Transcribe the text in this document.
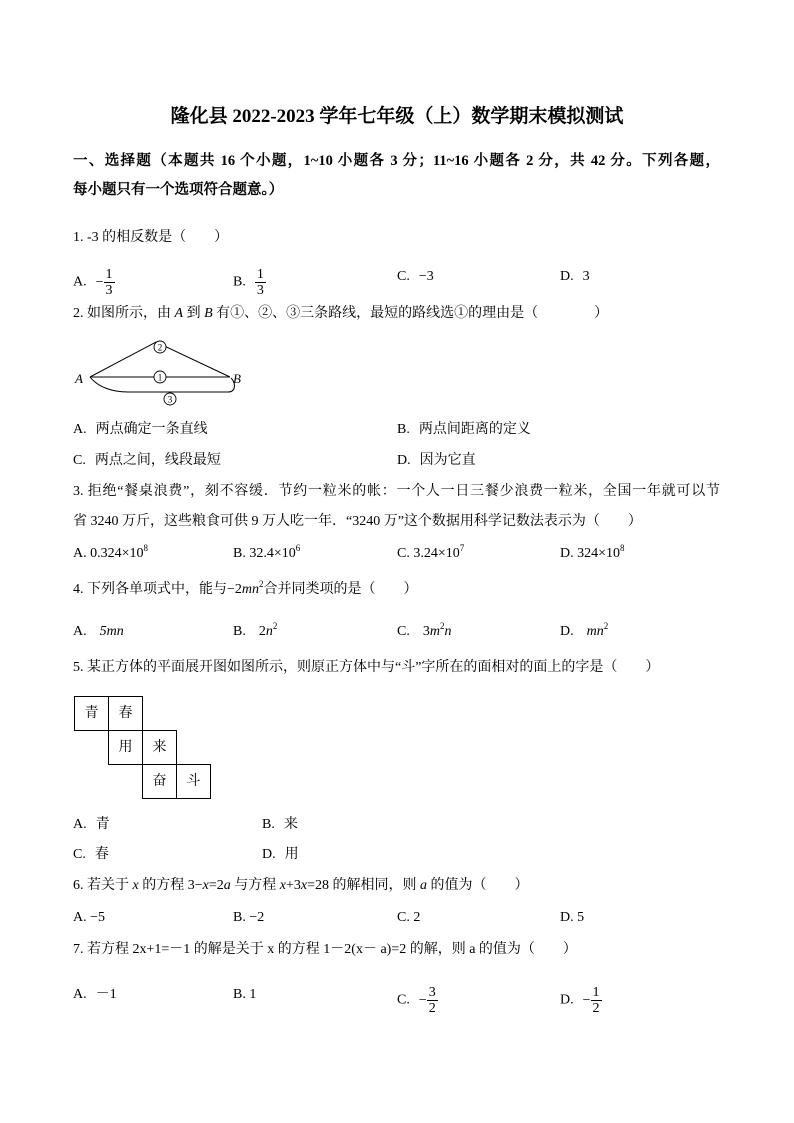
隆化县 2022-2023 学年七年级（上）数学期末模拟测试
一、选择题（本题共 16 个小题，1~10 小题各 3 分；11~16 小题各 2 分，共 42 分。下列各题，
每小题只有一个选项符合题意。）
1. -3 的相反数是（　　）
A. − $\frac{1}{3}$	B. $\frac{1}{3}$	C. −3	D. 3
2. 如图所示，由 A 到 B 有①、②、③三条路线，最短的路线选①的理由是（　　　　）
A	B
2
1
3
A. 两点确定一条直线	B. 两点间距离的定义
C. 两点之间，线段最短	D. 因为它直
3. 拒绝“餐桌浪费”，刻不容缓．节约一粒米的帐：一个人一日三餐少浪费一粒米，全国一年就可以节
省 3240 万斤，这些粮食可供 9 万人吃一年．“3240 万”这个数据用科学记数法表示为（　　）
A. $0.324\times 10^8$	B. $32.4\times 10^6$	C. $3.24\times 10^7$	D. $324\times 10^8$
4. 下列各单项式中，能与$-2mn^2$合并同类项的是（　　）
A. 5mn	B. $2n^2$	C. $3m^2n$	D. $mn^2$
5. 某正方体的平面展开图如图所示，则原正方体中与“斗”字所在的面相对的面上的字是（　　）
青	春
用	来
奋	斗
A. 青	B. 来
C. 春	D. 用
6. 若关于 x 的方程 3−x=2a 与方程 x+3x=28 的解相同，则 a 的值为（　　）
A. −5	B. −2	C. 2	D. 5
7. 若方程 2x+1=－1 的解是关于 x 的方程 1－2(x－ a)=2 的解，则 a 的值为（　　）
A. －1	B. 1	C. − $\frac{3}{2}$	D. − $\frac{1}{2}$
